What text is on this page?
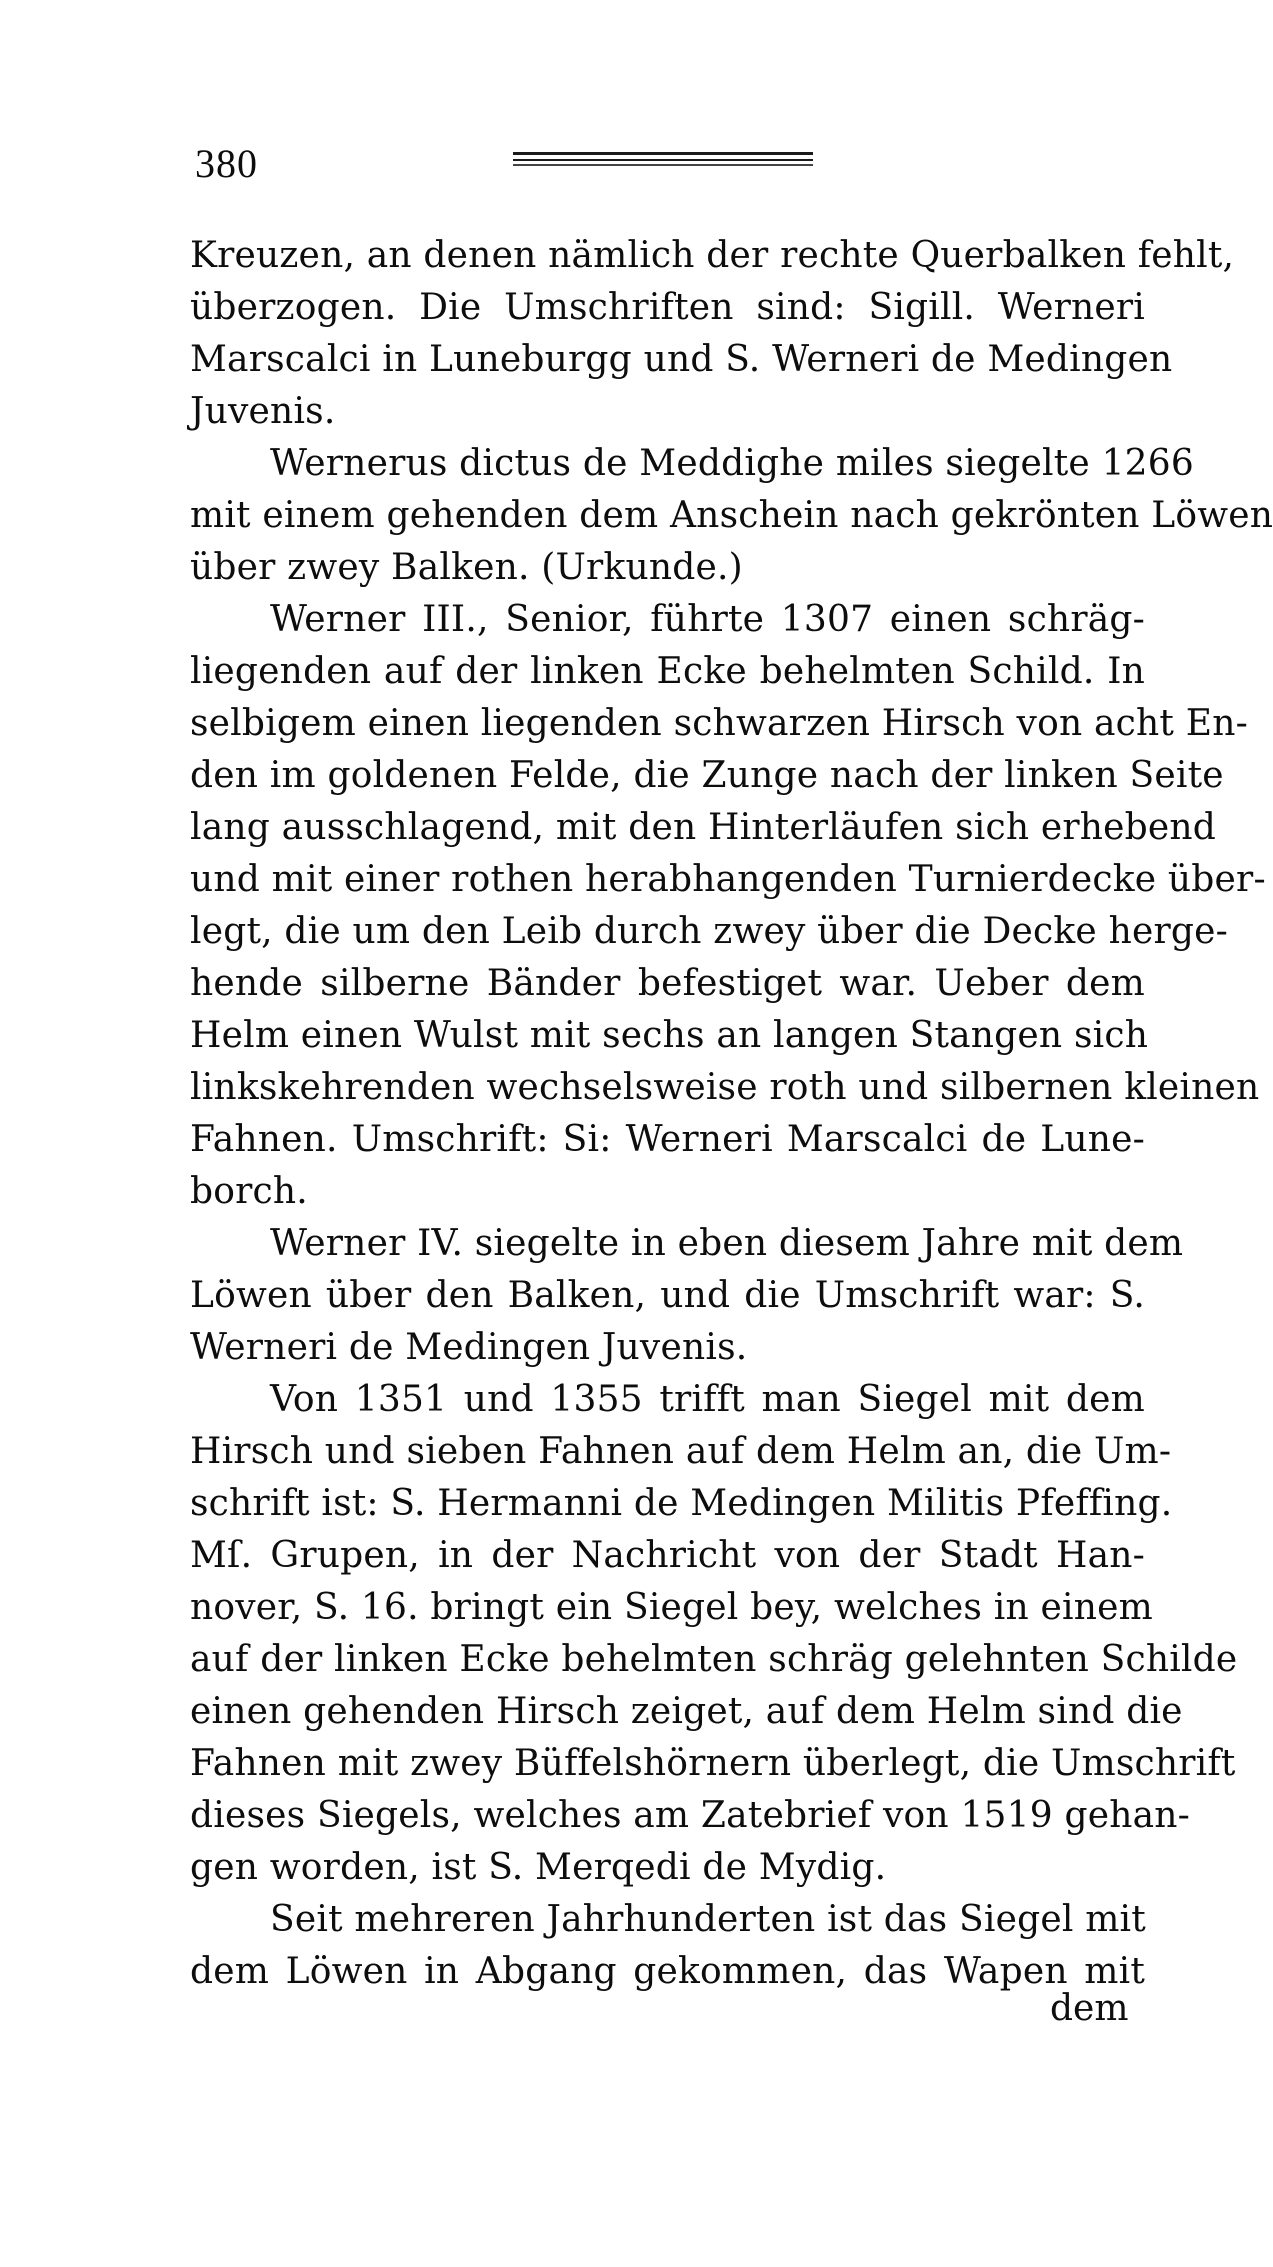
380
Kreuzen, an denen nämlich der rechte Querbalken fehlt,
überzogen. Die Umschriften sind: Sigill. Werneri
Marscalci in Luneburgg und S. Werneri de Medingen
Juvenis.
Wernerus dictus de Meddighe miles siegelte 1266
mit einem gehenden dem Anschein nach gekrönten Löwen
über zwey Balken. (Urkunde.)
Werner III., Senior, führte 1307 einen schräg-
liegenden auf der linken Ecke behelmten Schild. In
selbigem einen liegenden schwarzen Hirsch von acht En-
den im goldenen Felde, die Zunge nach der linken Seite
lang ausschlagend, mit den Hinterläufen sich erhebend
und mit einer rothen herabhangenden Turnierdecke über-
legt, die um den Leib durch zwey über die Decke herge-
hende silberne Bänder befestiget war. Ueber dem
Helm einen Wulst mit sechs an langen Stangen sich
linkskehrenden wechselsweise roth und silbernen kleinen
Fahnen. Umschrift: Si: Werneri Marscalci de Lune-
borch.
Werner IV. siegelte in eben diesem Jahre mit dem
Löwen über den Balken, und die Umschrift war: S.
Werneri de Medingen Juvenis.
Von 1351 und 1355 trifft man Siegel mit dem
Hirsch und sieben Fahnen auf dem Helm an, die Um-
schrift ist: S. Hermanni de Medingen Militis Pfeffing.
Mſ. Grupen, in der Nachricht von der Stadt Han-
nover, S. 16. bringt ein Siegel bey, welches in einem
auf der linken Ecke behelmten schräg gelehnten Schilde
einen gehenden Hirsch zeiget, auf dem Helm sind die
Fahnen mit zwey Büffelshörnern überlegt, die Umschrift
dieses Siegels, welches am Zatebrief von 1519 gehan-
gen worden, ist S. Merqedi de Mydig.
Seit mehreren Jahrhunderten ist das Siegel mit
dem Löwen in Abgang gekommen, das Wapen mit
dem
